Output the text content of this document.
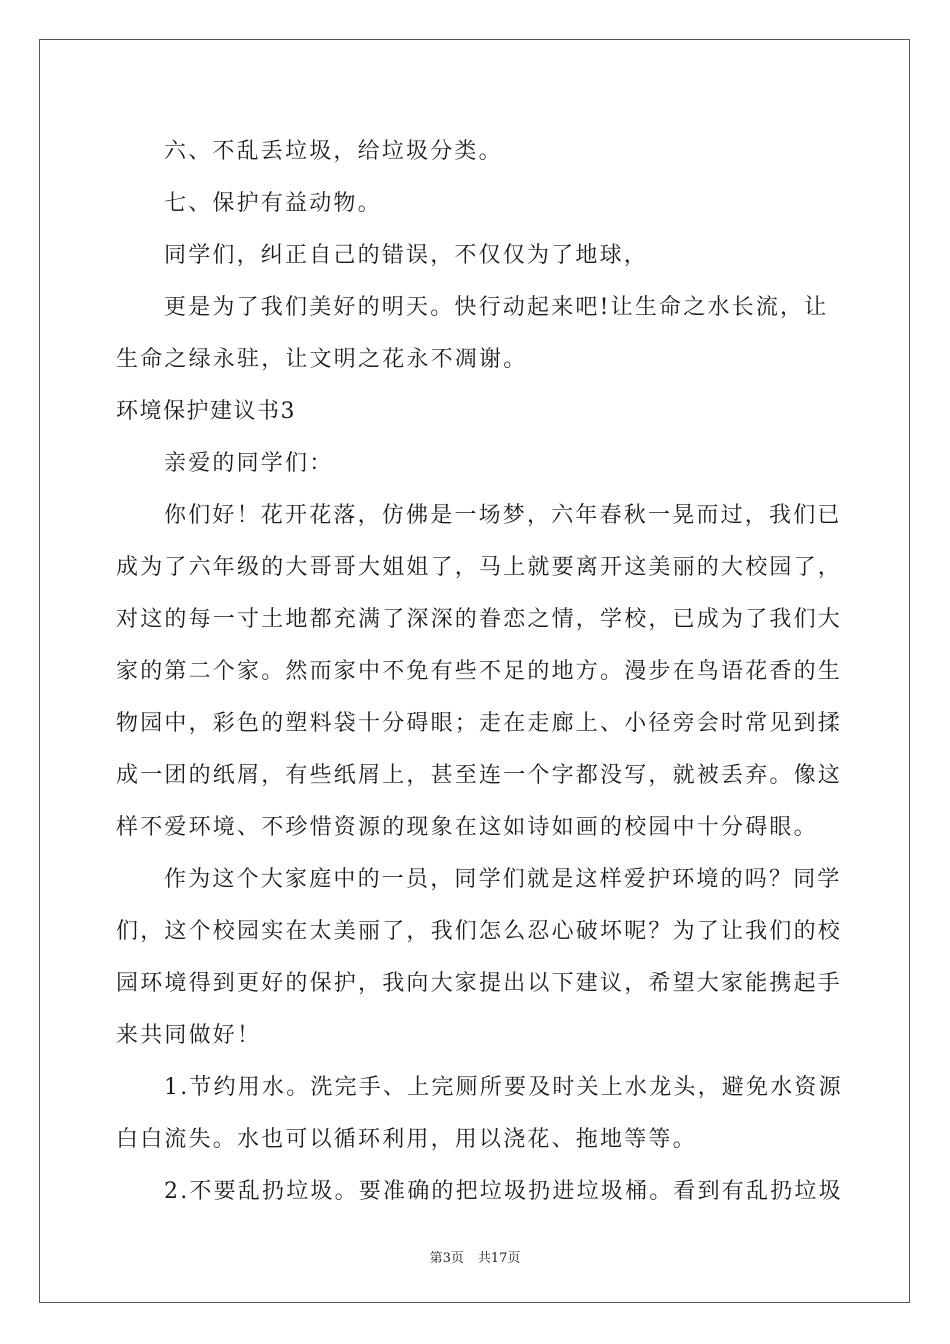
六、不乱丢垃圾，给垃圾分类。
七、保护有益动物。
同学们，纠正自己的错误，不仅仅为了地球，
更是为了我们美好的明天。快行动起来吧!让生命之水长流，让
生命之绿永驻，让文明之花永不凋谢。
环境保护建议书3
亲爱的同学们：
你们好！花开花落，仿佛是一场梦，六年春秋一晃而过，我们已
成为了六年级的大哥哥大姐姐了，马上就要离开这美丽的大校园了，
对这的每一寸土地都充满了深深的眷恋之情，学校，已成为了我们大
家的第二个家。然而家中不免有些不足的地方。漫步在鸟语花香的生
物园中，彩色的塑料袋十分碍眼；走在走廊上、小径旁会时常见到揉
成一团的纸屑，有些纸屑上，甚至连一个字都没写，就被丢弃。像这
样不爱环境、不珍惜资源的现象在这如诗如画的校园中十分碍眼。
作为这个大家庭中的一员，同学们就是这样爱护环境的吗？同学
们，这个校园实在太美丽了，我们怎么忍心破坏呢？为了让我们的校
园环境得到更好的保护，我向大家提出以下建议，希望大家能携起手
来共同做好！
1.节约用水。洗完手、上完厕所要及时关上水龙头，避免水资源
白白流失。水也可以循环利用，用以浇花、拖地等等。
2.不要乱扔垃圾。要准确的把垃圾扔进垃圾桶。看到有乱扔垃圾
第3页 共17页
